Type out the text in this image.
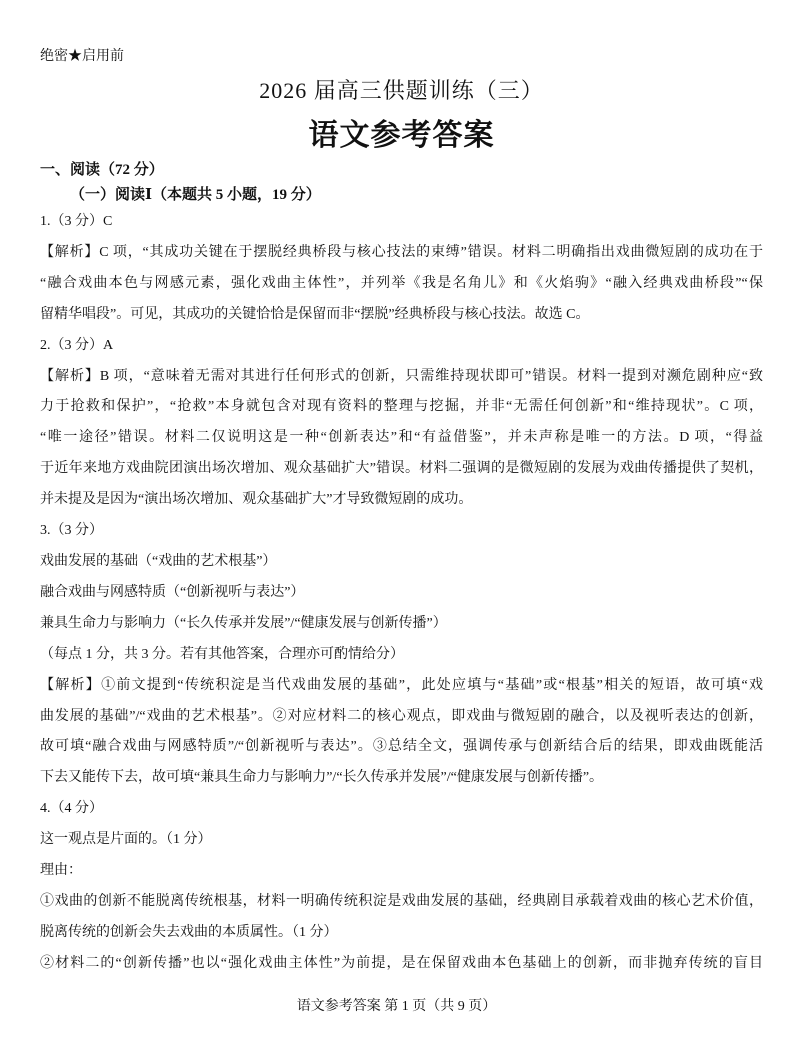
绝密★启用前
2026 届高三供题训练（三）
语文参考答案
一、阅读（72 分）
（一）阅读Ⅰ（本题共 5 小题，19 分）
1.（3 分）C
【解析】C 项，“其成功关键在于摆脱经典桥段与核心技法的束缚”错误。材料二明确指出戏曲微短剧的成功在于
“融合戏曲本色与网感元素，强化戏曲主体性”，并列举《我是名角儿》和《火焰驹》“融入经典戏曲桥段”“保
留精华唱段”。可见，其成功的关键恰恰是保留而非“摆脱”经典桥段与核心技法。故选 C。
2.（3 分）A
【解析】B 项，“意味着无需对其进行任何形式的创新，只需维持现状即可”错误。材料一提到对濒危剧种应“致
力于抢救和保护”，“抢救”本身就包含对现有资料的整理与挖掘，并非“无需任何创新”和“维持现状”。C 项，
“唯一途径”错误。材料二仅说明这是一种“创新表达”和“有益借鉴”，并未声称是唯一的方法。D 项，“得益
于近年来地方戏曲院团演出场次增加、观众基础扩大”错误。材料二强调的是微短剧的发展为戏曲传播提供了契机，
并未提及是因为“演出场次增加、观众基础扩大”才导致微短剧的成功。
3.（3 分）
戏曲发展的基础（“戏曲的艺术根基”）
融合戏曲与网感特质（“创新视听与表达”）
兼具生命力与影响力（“长久传承并发展”/“健康发展与创新传播”）
（每点 1 分，共 3 分。若有其他答案，合理亦可酌情给分）
【解析】①前文提到“传统积淀是当代戏曲发展的基础”，此处应填与“基础”或“根基”相关的短语，故可填“戏
曲发展的基础”/“戏曲的艺术根基”。②对应材料二的核心观点，即戏曲与微短剧的融合，以及视听表达的创新，
故可填“融合戏曲与网感特质”/“创新视听与表达”。③总结全文，强调传承与创新结合后的结果，即戏曲既能活
下去又能传下去，故可填“兼具生命力与影响力”/“长久传承并发展”/“健康发展与创新传播”。
4.（4 分）
这一观点是片面的。（1 分）
理由：
①戏曲的创新不能脱离传统根基，材料一明确传统积淀是戏曲发展的基础，经典剧目承载着戏曲的核心艺术价值，
脱离传统的创新会失去戏曲的本质属性。（1 分）
②材料二的“创新传播”也以“强化戏曲主体性”为前提，是在保留戏曲本色基础上的创新，而非抛弃传统的盲目
语文参考答案 第 1 页（共 9 页）
